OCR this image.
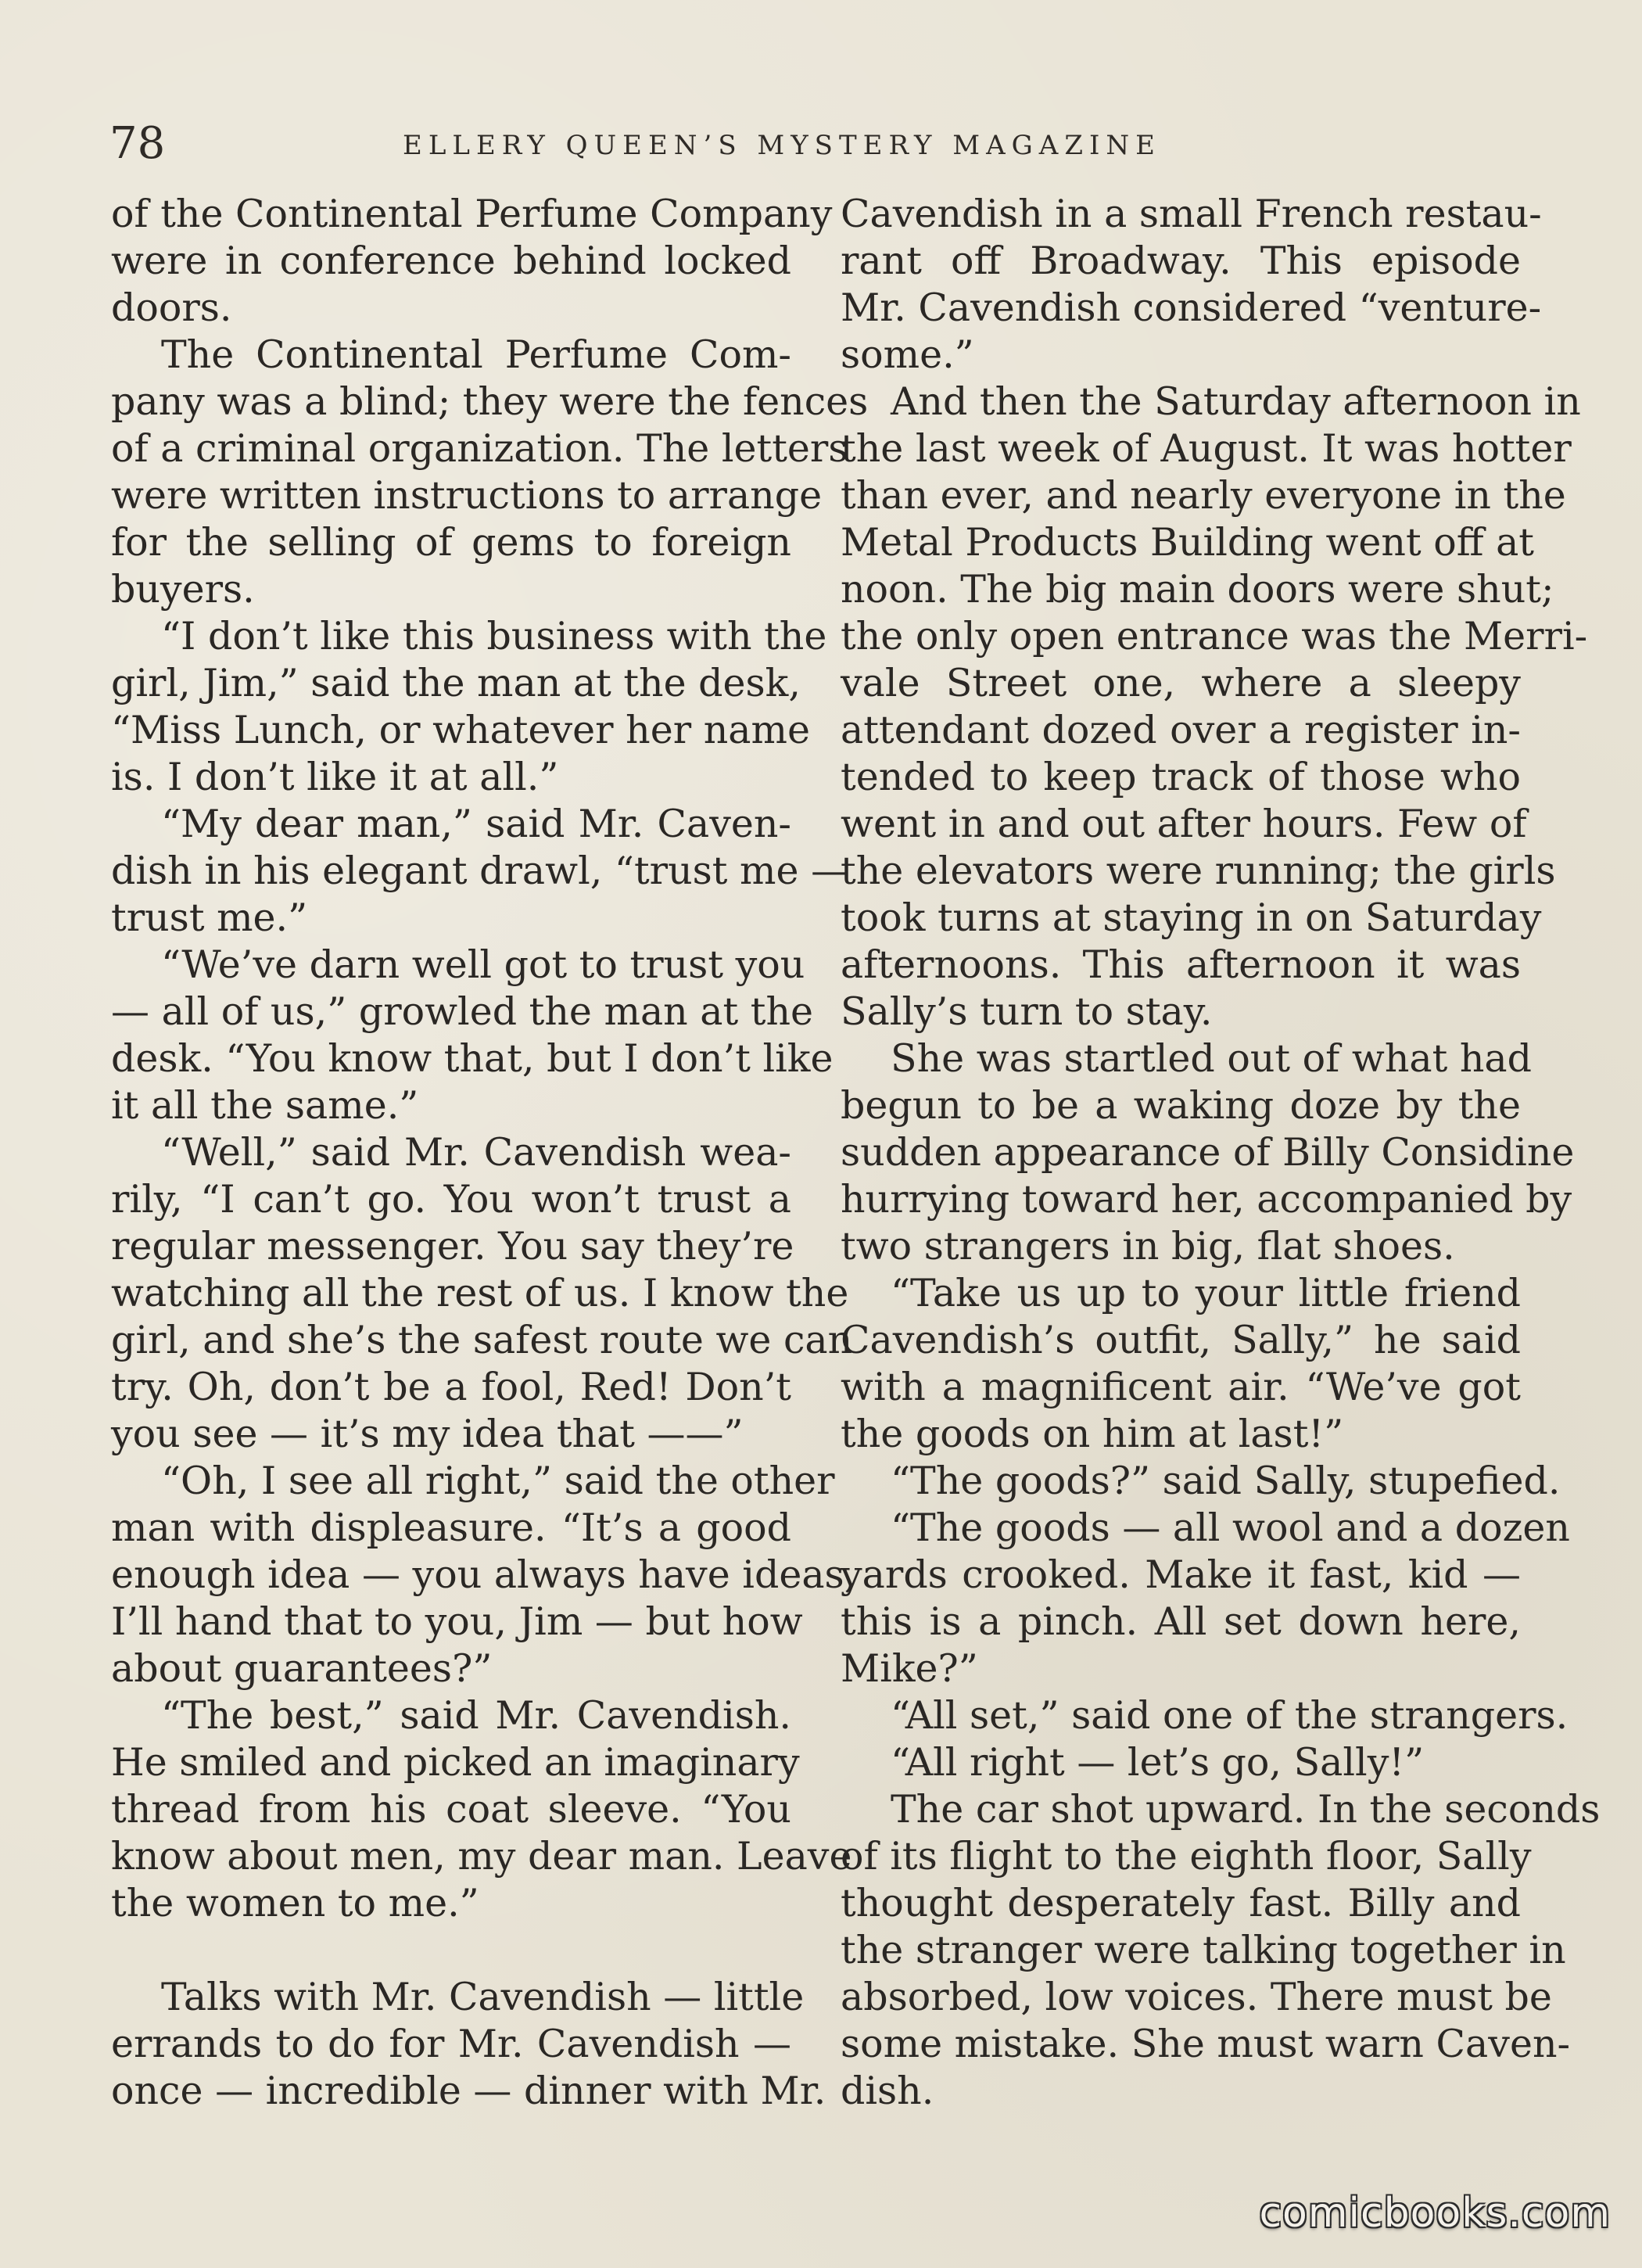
78	ELLERY QUEEN’S MYSTERY MAGAZINE
of the Continental Perfume Company
were in conference behind locked
doors.
The Continental Perfume Com-
pany was a blind; they were the fences
of a criminal organization. The letters
were written instructions to arrange
for the selling of gems to foreign
buyers.
“I don’t like this business with the
girl, Jim,” said the man at the desk,
“Miss Lunch, or whatever her name
is. I don’t like it at all.”
“My dear man,” said Mr. Caven-
dish in his elegant drawl, “trust me —
trust me.”
“We’ve darn well got to trust you
— all of us,” growled the man at the
desk. “You know that, but I don’t like
it all the same.”
“Well,” said Mr. Cavendish wea-
rily, “I can’t go. You won’t trust a
regular messenger. You say they’re
watching all the rest of us. I know the
girl, and she’s the safest route we can
try. Oh, don’t be a fool, Red! Don’t
you see — it’s my idea that ——”
“Oh, I see all right,” said the other
man with displeasure. “It’s a good
enough idea — you always have ideas,
I’ll hand that to you, Jim — but how
about guarantees?”
“The best,” said Mr. Cavendish.
He smiled and picked an imaginary
thread from his coat sleeve. “You
know about men, my dear man. Leave
the women to me.”
Talks with Mr. Cavendish — little
errands to do for Mr. Cavendish —
once — incredible — dinner with Mr.
Cavendish in a small French restau-
rant off Broadway. This episode
Mr. Cavendish considered “venture-
some.”
And then the Saturday afternoon in
the last week of August. It was hotter
than ever, and nearly everyone in the
Metal Products Building went off at
noon. The big main doors were shut;
the only open entrance was the Merri-
vale Street one, where a sleepy
attendant dozed over a register in-
tended to keep track of those who
went in and out after hours. Few of
the elevators were running; the girls
took turns at staying in on Saturday
afternoons. This afternoon it was
Sally’s turn to stay.
She was startled out of what had
begun to be a waking doze by the
sudden appearance of Billy Considine
hurrying toward her, accompanied by
two strangers in big, flat shoes.
“Take us up to your little friend
Cavendish’s outfit, Sally,” he said
with a magnificent air. “We’ve got
the goods on him at last!”
“The goods?” said Sally, stupefied.
“The goods — all wool and a dozen
yards crooked. Make it fast, kid —
this is a pinch. All set down here,
Mike?”
“All set,” said one of the strangers.
“All right — let’s go, Sally!”
The car shot upward. In the seconds
of its flight to the eighth floor, Sally
thought desperately fast. Billy and
the stranger were talking together in
absorbed, low voices. There must be
some mistake. She must warn Caven-
dish.
comicbooks.com
